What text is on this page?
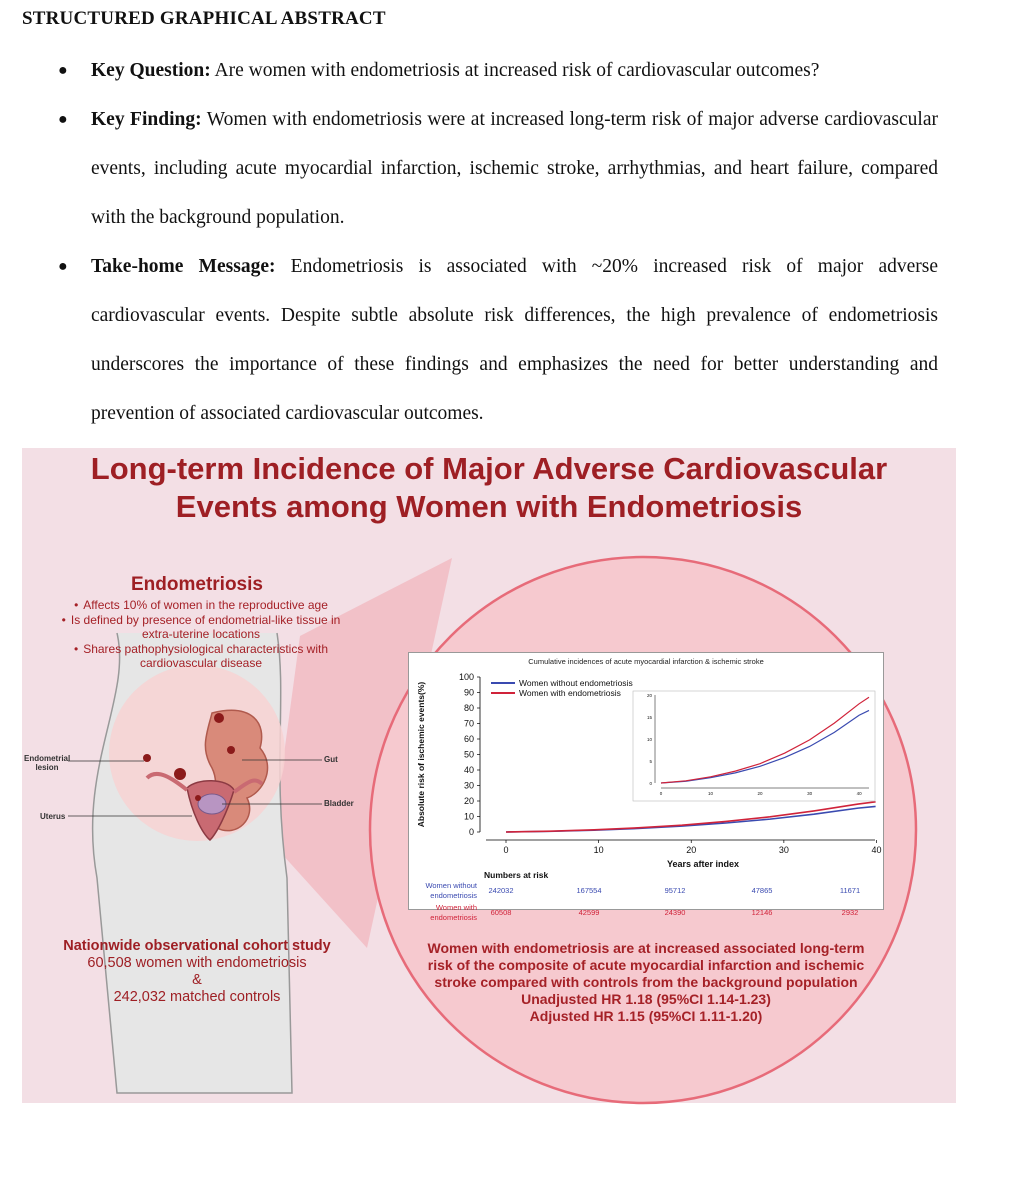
STRUCTURED GRAPHICAL ABSTRACT
● Key Question: Are women with endometriosis at increased risk of cardiovascular outcomes?
● Key Finding: Women with endometriosis were at increased long-term risk of major adverse cardiovascular events, including acute myocardial infarction, ischemic stroke, arrhythmias, and heart failure, compared with the background population.
● Take-home Message: Endometriosis is associated with ~20% increased risk of major adverse cardiovascular events. Despite subtle absolute risk differences, the high prevalence of endometriosis underscores the importance of these findings and emphasizes the need for better understanding and prevention of associated cardiovascular outcomes.
Long-term Incidence of Major Adverse Cardiovascular
Events among Women with Endometriosis
Endometriosis
• Affects 10% of women in the reproductive age
• Is defined by presence of endometrial-like tissue in extra-uterine locations
• Shares pathophysiological characteristics with cardiovascular disease
Endometrial lesion
Uterus
Gut
Bladder
Nationwide observational cohort study
60,508 women with endometriosis
&
242,032 matched controls
Cumulative incidences of acute myocardial infarction & ischemic stroke
0
10
20
30
40
50
60
70
80
90
100
0	10	20	30	40
Years after index
Absolute risk of ischemic events(%)	Women without endometriosis
Women with endometriosis
0
5
10
15
20
0	10	20	30	40
Numbers at risk
Women without
endometriosis
242032	167554	95712	47865	11671
Women with
endometriosis
60508	42599	24390	12146	2932
Women with endometriosis are at increased associated long-term risk of the composite of acute myocardial infarction and ischemic stroke compared with controls from the background population
Unadjusted HR 1.18 (95%CI 1.14-1.23)
Adjusted HR 1.15 (95%CI 1.11-1.20)
